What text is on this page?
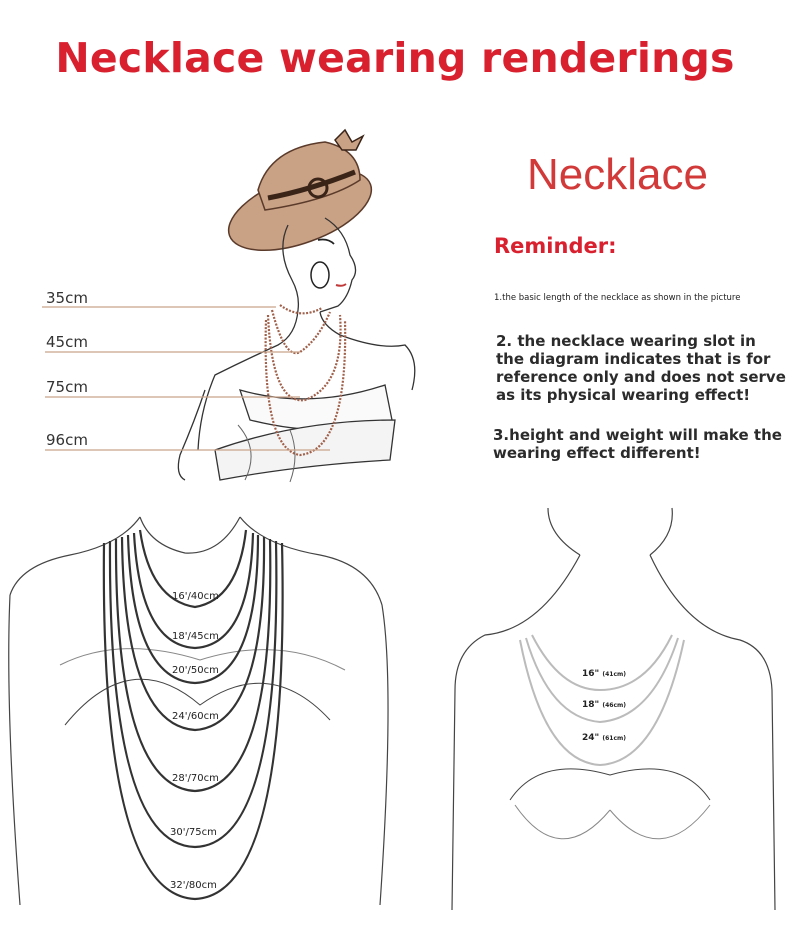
Necklace wearing renderings
35cm
45cm
75cm
96cm
Necklace
Reminder:
1.the basic length of the necklace as shown in the picture
2. the necklace wearing slot in the diagram indicates that is for reference only and does not serve as its physical wearing effect!
3.height and weight will make the wearing effect different!
16'/40cm
18'/45cm
20'/50cm
24'/60cm
28'/70cm
30'/75cm
32'/80cm
16" (41cm)
18" (46cm)
24" (61cm)
